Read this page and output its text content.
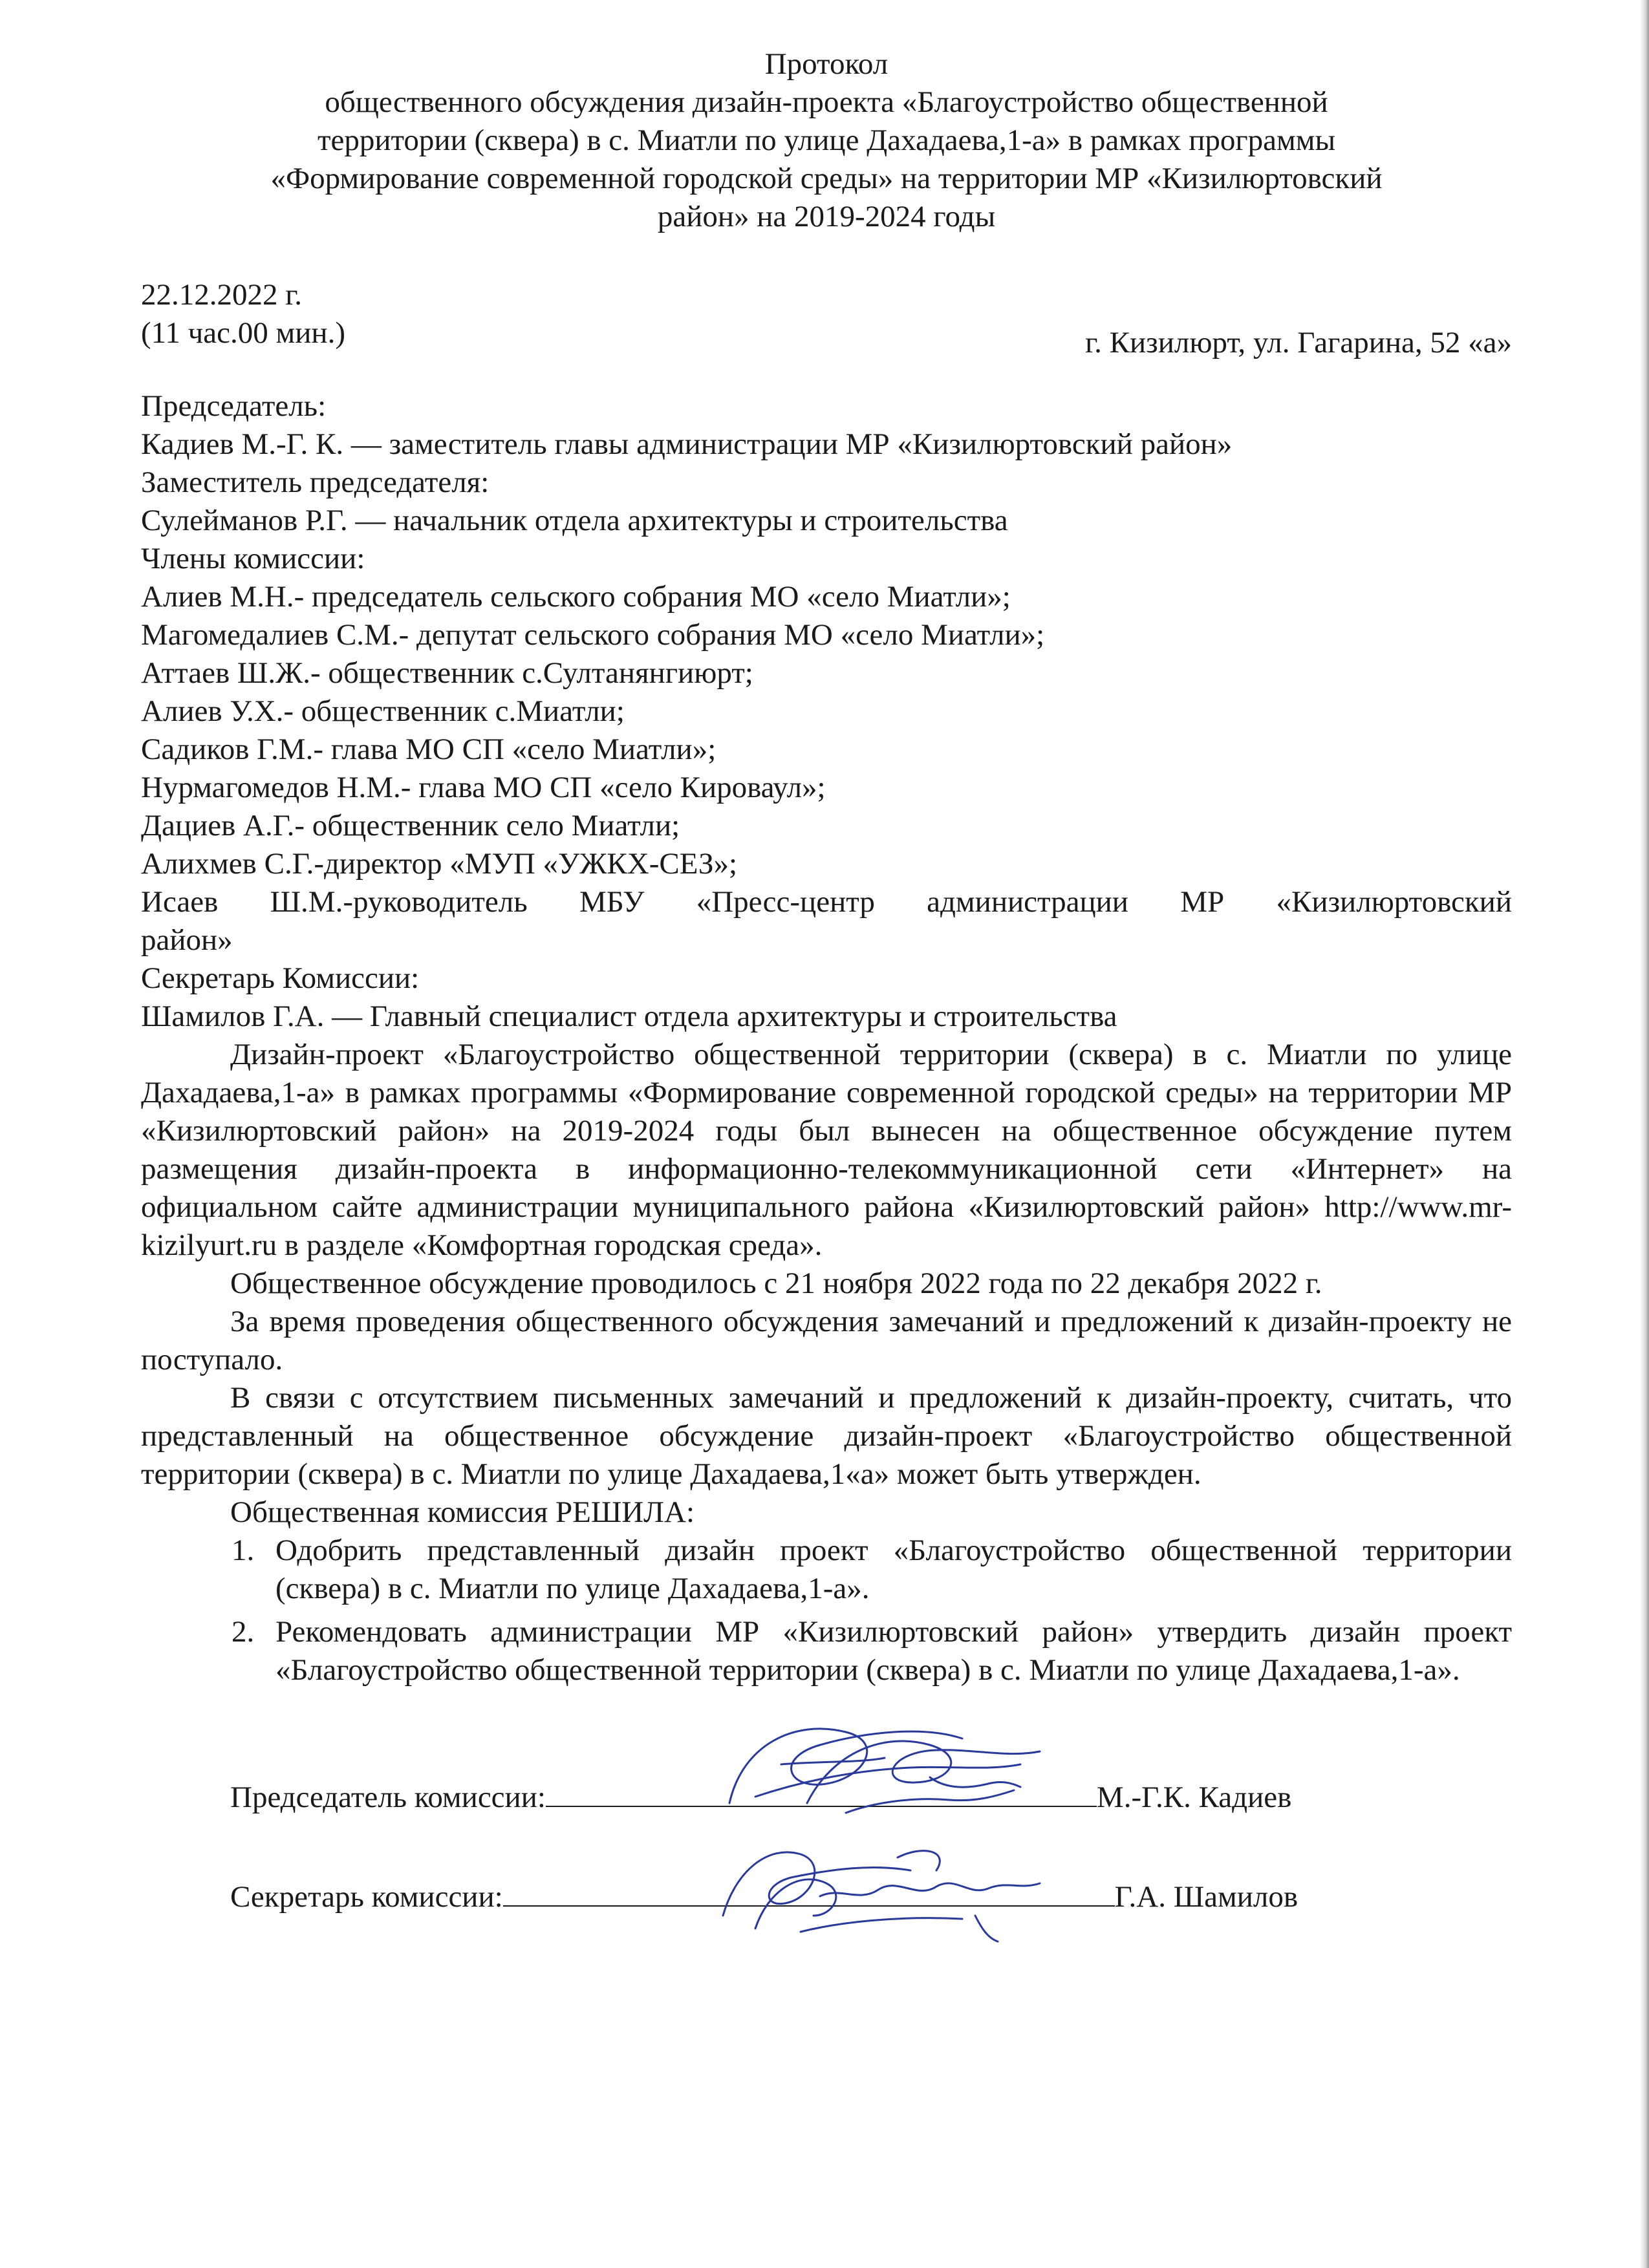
Протокол
общественного обсуждения дизайн-проекта «Благоустройство общественной
территории (сквера) в с. Миатли по улице Дахадаева,1-а» в рамках программы
«Формирование современной городской среды» на территории МР «Кизилюртовский
район» на 2019-2024 годы
22.12.2022 г.
(11 час.00 мин.)	г. Кизилюрт, ул. Гагарина, 52 «а»
Председатель:
Кадиев М.-Г. К. — заместитель главы администрации МР «Кизилюртовский район»
Заместитель председателя:
Сулейманов Р.Г. — начальник отдела архитектуры и строительства
Члены комиссии:
Алиев М.Н.- председатель сельского собрания МО «село Миатли»;
Магомедалиев С.М.- депутат сельского собрания МО «село Миатли»;
Аттаев Ш.Ж.- общественник с.Султанянгиюрт;
Алиев У.Х.- общественник с.Миатли;
Садиков Г.М.- глава МО СП «село Миатли»;
Нурмагомедов Н.М.- глава МО СП «село Кироваул»;
Дациев А.Г.- общественник село Миатли;
Алихмев С.Г.-директор «МУП «УЖКХ-СЕЗ»;
Исаев Ш.М.-руководитель МБУ «Пресс-центр администрации МР «Кизилюртовский
район»
Секретарь Комиссии:
Шамилов Г.А. — Главный специалист отдела архитектуры и строительства
Дизайн-проект «Благоустройство общественной территории (сквера) в с. Миатли по улице Дахадаева,1-а» в рамках программы «Формирование современной городской среды» на территории МР «Кизилюртовский район» на 2019-2024 годы был вынесен на общественное обсуждение путем размещения дизайн-проекта в информационно-телекоммуникационной сети «Интернет» на официальном сайте администрации муниципального района «Кизилюртовский район» http://www.mr-kizilyurt.ru в разделе «Комфортная городская среда».
Общественное обсуждение проводилось с 21 ноября 2022 года по 22 декабря 2022 г.
За время проведения общественного обсуждения замечаний и предложений к дизайн-проекту не поступало.
В связи с отсутствием письменных замечаний и предложений к дизайн-проекту, считать, что представленный на общественное обсуждение дизайн-проект «Благоустройство общественной территории (сквера) в с. Миатли по улице Дахадаева,1«а» может быть утвержден.
Общественная комиссия РЕШИЛА:
1. Одобрить представленный дизайн проект «Благоустройство общественной территории (сквера) в с. Миатли по улице Дахадаева,1-а».
2. Рекомендовать администрации МР «Кизилюртовский район» утвердить дизайн проект «Благоустройство общественной территории (сквера) в с. Миатли по улице Дахадаева,1-а».
Председатель комиссии:	М.-Г.К. Кадиев
Секретарь комиссии:	Г.А. Шамилов
